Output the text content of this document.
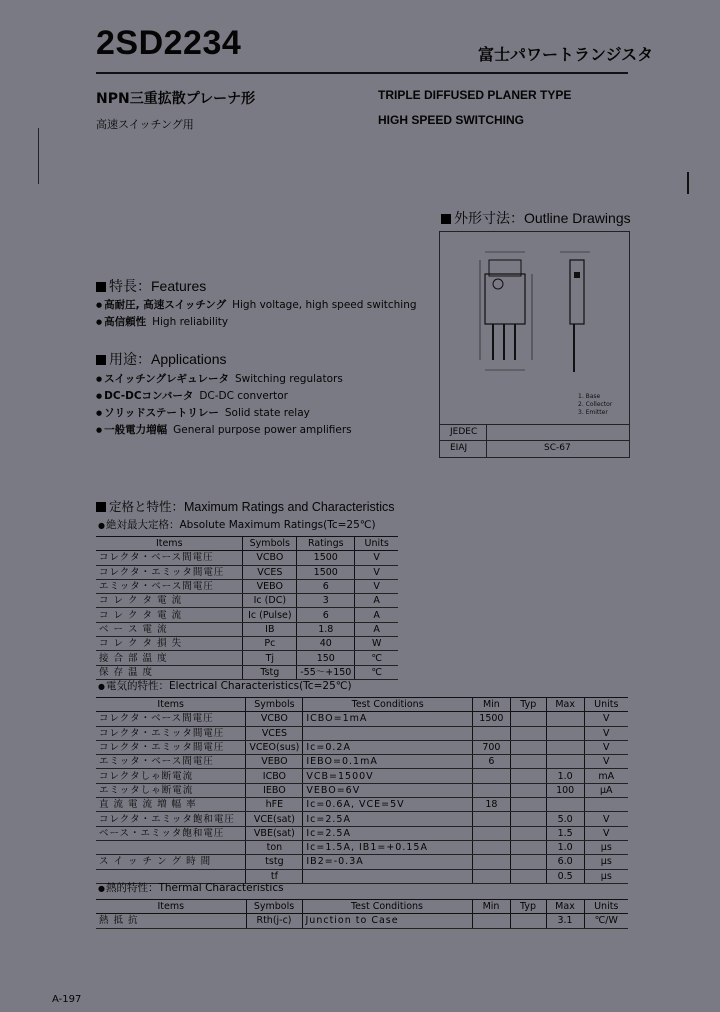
2SD2234	富士パワートランジスタ
NPN三重拡散プレーナ形	TRIPLE DIFFUSED PLANER TYPE
高速スイッチング用	HIGH SPEED SWITCHING
外形寸法：Outline Drawings
1. Base
2. Collector
3. Emitter
JEDEC
EIAJ	SC-67
特長：Features
● 高耐圧, 高速スイッチング High voltage, high speed switching
● 高信頼性 High reliability
用途：Applications
● スイッチングレギュレータ Switching regulators
● DC-DCコンバータ DC-DC convertor
● ソリッドステートリレー Solid state relay
● 一般電力増幅 General purpose power amplifiers
定格と特性：Maximum Ratings and Characteristics
● 絶対最大定格：Absolute Maximum Ratings(Tc=25℃)
Items	Symbols	Ratings	Units
コレクタ・ベース間電圧	VCBO	1500	V
コレクタ・エミッタ間電圧	VCES	1500	V
エミッタ・ベース間電圧	VEBO	6	V
コ レ ク タ 電 流	Ic (DC)	3	A
コ レ ク タ 電 流	Ic (Pulse)	6	A
ベ ー ス 電 流	IB	1.8	A
コ レ ク タ 損 失	Pc	40	W
接 合 部 温 度	Tj	150	℃
保 存 温 度	Tstg	-55～+150	℃
● 電気的特性：Electrical Characteristics(Tc=25℃)
Items	Symbols	Test Conditions	Min	Typ	Max	Units
コレクタ・ベース間電圧	VCBO	ICBO=1mA	1500			V
コレクタ・エミッタ間電圧	VCES					V
コレクタ・エミッタ間電圧	VCEO(sus)	Ic=0.2A	700			V
エミッタ・ベース間電圧	VEBO	IEBO=0.1mA	6			V
コレクタしゃ断電流	ICBO	VCB=1500V			1.0	mA
エミッタしゃ断電流	IEBO	VEBO=6V			100	μA
直 流 電 流 増 幅 率	hFE	Ic=0.6A, VCE=5V	18			
コレクタ・エミッタ飽和電圧	VCE(sat)	Ic=2.5A			5.0	V
ベース・エミッタ飽和電圧	VBE(sat)	Ic=2.5A			1.5	V
	ton	Ic=1.5A, IB1=+0.15A			1.0	μs
ス イ ッ チ ン グ 時 間	tstg	IB2=-0.3A			6.0	μs
	tf				0.5	μs
● 熱的特性：Thermal Characteristics
Items	Symbols	Test Conditions	Min	Typ	Max	Units
熱 抵 抗	Rth(j-c)	Junction to Case			3.1	℃/W
A-197
